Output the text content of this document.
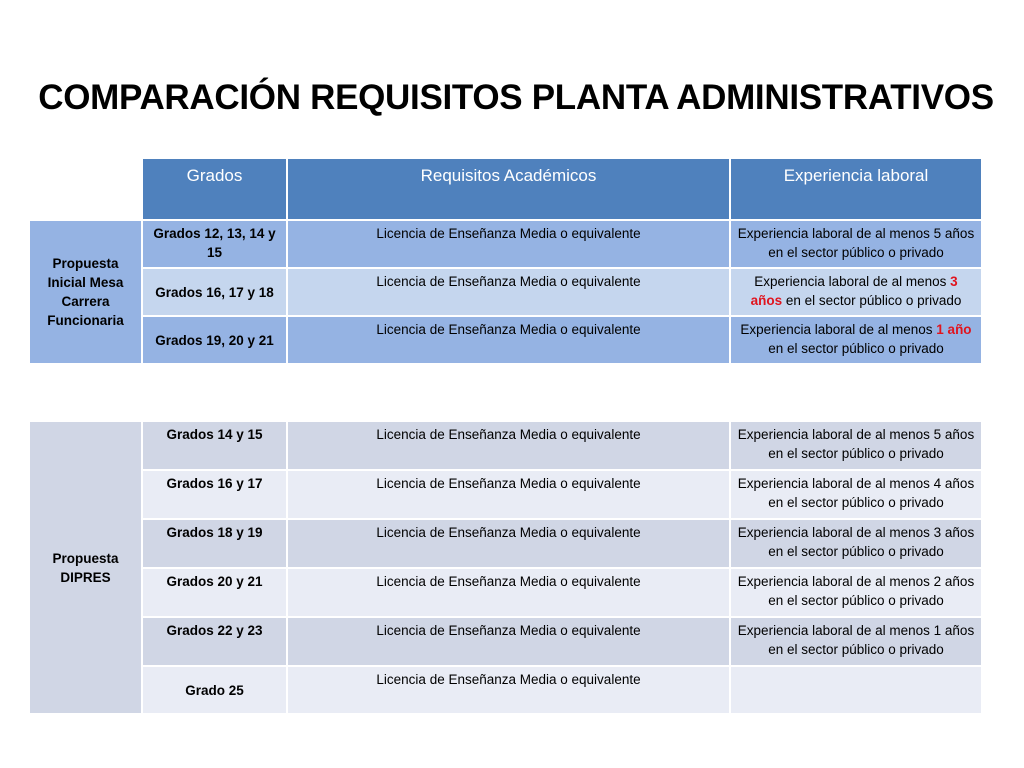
COMPARACIÓN REQUISITOS PLANTA ADMINISTRATIVOS
	Grados	Requisitos Académicos	Experiencia laboral
Propuesta Inicial Mesa Carrera Funcionaria	Grados 12, 13, 14 y 15	Licencia de Enseñanza Media o equivalente	Experiencia laboral de al menos 5 años en el sector público o privado
	Grados 16, 17 y 18	Licencia de Enseñanza Media o equivalente	Experiencia laboral de al menos 3 años en el sector público o privado
	Grados 19, 20 y 21	Licencia de Enseñanza Media o equivalente	Experiencia laboral de al menos 1 año en el sector público o privado
Propuesta DIPRES	Grados 14 y 15	Licencia de Enseñanza Media o equivalente	Experiencia laboral de al menos 5 años en el sector público o privado
	Grados 16 y 17	Licencia de Enseñanza Media o equivalente	Experiencia laboral de al menos 4 años en el sector público o privado
	Grados 18 y 19	Licencia de Enseñanza Media o equivalente	Experiencia laboral de al menos 3 años en el sector público o privado
	Grados 20 y 21	Licencia de Enseñanza Media o equivalente	Experiencia laboral de al menos 2 años en el sector público o privado
	Grados 22 y 23	Licencia de Enseñanza Media o equivalente	Experiencia laboral de al menos 1 años en el sector público o privado
	Grado 25	Licencia de Enseñanza Media o equivalente	
